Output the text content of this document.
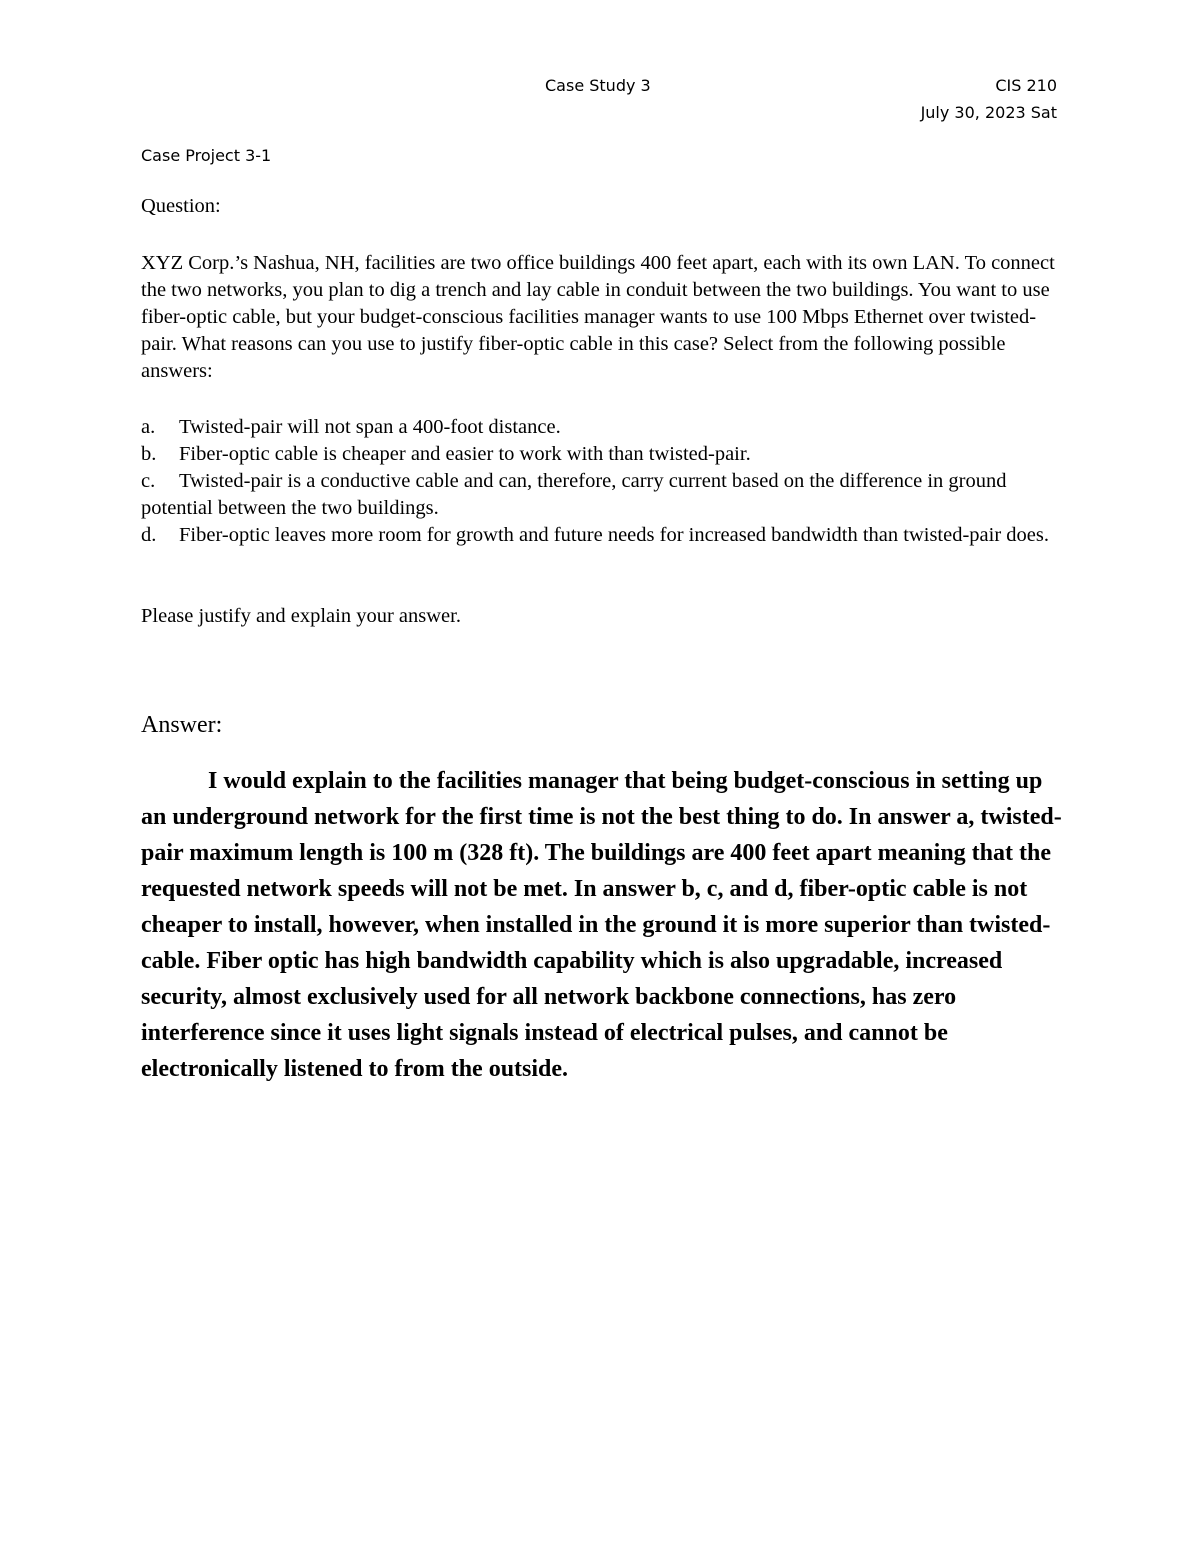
Case Study 3	CIS 210
July 30, 2023 Sat
Case Project 3-1
Question:
XYZ Corp.’s Nashua, NH, facilities are two office buildings 400 feet apart, each with its own LAN. To connect the two networks, you plan to dig a trench and lay cable in conduit between the two buildings. You want to use fiber-optic cable, but your budget-conscious facilities manager wants to use 100 Mbps Ethernet over twisted-pair. What reasons can you use to justify fiber-optic cable in this case? Select from the following possible answers:

a. Twisted-pair will not span a 400-foot distance.

b. Fiber-optic cable is cheaper and easier to work with than twisted-pair.

c. Twisted-pair is a conductive cable and can, therefore, carry current based on the difference in ground potential between the two buildings.

d. Fiber-optic leaves more room for growth and future needs for increased bandwidth than twisted-pair does.

Please justify and explain your answer.
Answer:
I would explain to the facilities manager that being budget-conscious in setting up an underground network for the first time is not the best thing to do. In answer a, twisted-pair maximum length is 100 m (328 ft). The buildings are 400 feet apart meaning that the requested network speeds will not be met. In answer b, c, and d, fiber-optic cable is not cheaper to install, however, when installed in the ground it is more superior than twisted-cable. Fiber optic has high bandwidth capability which is also upgradable, increased security, almost exclusively used for all network backbone connections, has zero interference since it uses light signals instead of electrical pulses, and cannot be electronically listened to from the outside.
